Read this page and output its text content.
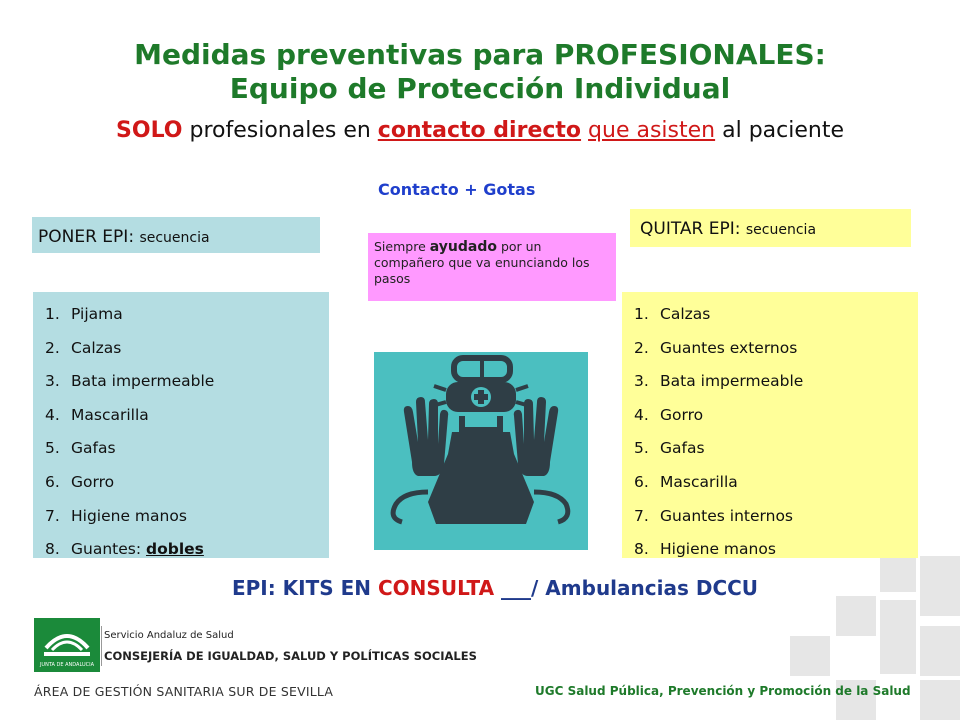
Medidas preventivas para PROFESIONALES:
Equipo de Protección Individual
SOLO profesionales en contacto directo que asisten al paciente
Contacto + Gotas
PONER EPI: secuencia	QUITAR EPI: secuencia
Siempre ayudado por un compañero que va enunciando los pasos
1. Pijama
2. Calzas
3. Bata impermeable
4. Mascarilla
5. Gafas
6. Gorro
7. Higiene manos
8. Guantes: dobles
1. Calzas
2. Guantes externos
3. Bata impermeable
4. Gorro
5. Gafas
6. Mascarilla
7. Guantes internos
8. Higiene manos
EPI: KITS EN CONSULTA ___/ Ambulancias DCCU
JUNTA DE ANDALUCIA
Servicio Andaluz de Salud
CONSEJERÍA DE IGUALDAD, SALUD Y POLÍTICAS SOCIALES
ÁREA DE GESTIÓN SANITARIA SUR DE SEVILLA	UGC Salud Pública, Prevención y Promoción de la Salud
